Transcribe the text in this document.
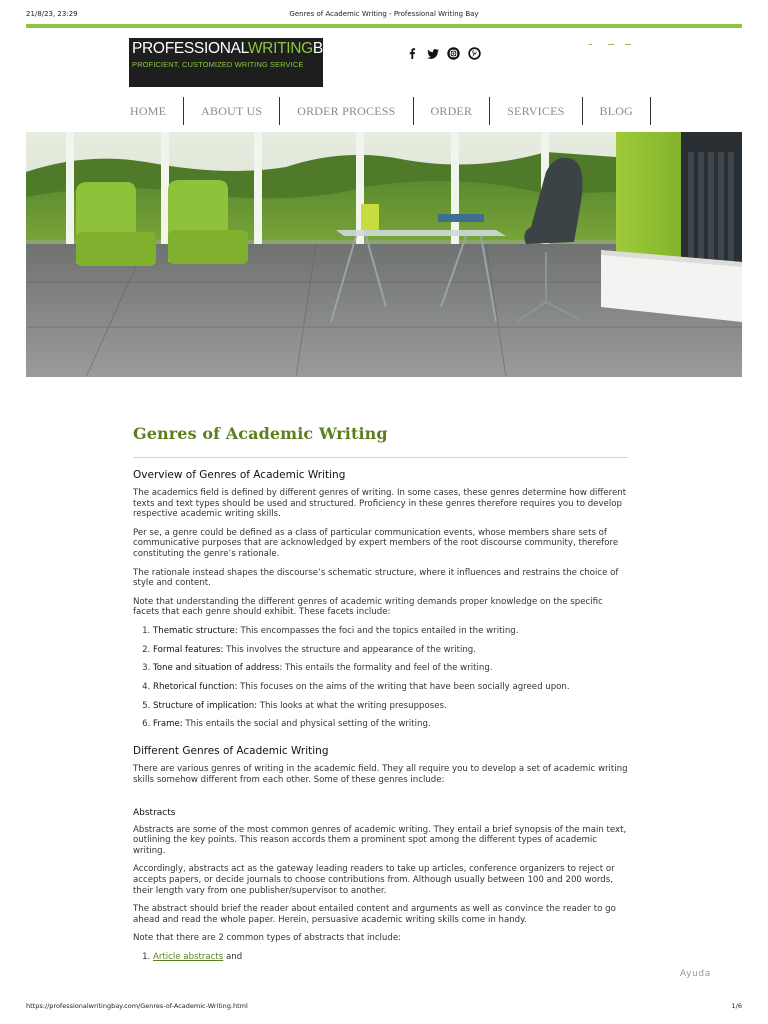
21/8/23, 23:29	Genres of Academic Writing - Professional Writing Bay
PROFESSIONALWRITINGBAY
PROFICIENT, CUSTOMIZED WRITING SERVICE
HOME	ABOUT US	ORDER PROCESS	ORDER	SERVICES	BLOG
Genres of Academic Writing
Overview of Genres of Academic Writing

The academics field is defined by different genres of writing. In some cases, these genres determine how different texts and text types should be used and structured. Proficiency in these genres therefore requires you to develop respective academic writing skills.

Per se, a genre could be defined as a class of particular communication events, whose members share sets of communicative purposes that are acknowledged by expert members of the root discourse community, therefore constituting the genre’s rationale.

The rationale instead shapes the discourse’s schematic structure, where it influences and restrains the choice of style and content.

Note that understanding the different genres of academic writing demands proper knowledge on the specific facets that each genre should exhibit. These facets include:

1. Thematic structure: This encompasses the foci and the topics entailed in the writing.
2. Formal features: This involves the structure and appearance of the writing.
3. Tone and situation of address: This entails the formality and feel of the writing.
4. Rhetorical function: This focuses on the aims of the writing that have been socially agreed upon.
5. Structure of implication: This looks at what the writing presupposes.
6. Frame: This entails the social and physical setting of the writing.
Different Genres of Academic Writing

There are various genres of writing in the academic field. They all require you to develop a set of academic writing skills somehow different from each other. Some of these genres include:

Abstracts

Abstracts are some of the most common genres of academic writing. They entail a brief synopsis of the main text, outlining the key points. This reason accords them a prominent spot among the different types of academic writing.

Accordingly, abstracts act as the gateway leading readers to take up articles, conference organizers to reject or accepts papers, or decide journals to choose contributions from. Although usually between 100 and 200 words, their length vary from one publisher/supervisor to another.

The abstract should brief the reader about entailed content and arguments as well as convince the reader to go ahead and read the whole paper. Herein, persuasive academic writing skills come in handy.

Note that there are 2 common types of abstracts that include:

1. Article abstracts and
Ayuda
https://professionalwritingbay.com/Genres-of-Academic-Writing.html	1/6
